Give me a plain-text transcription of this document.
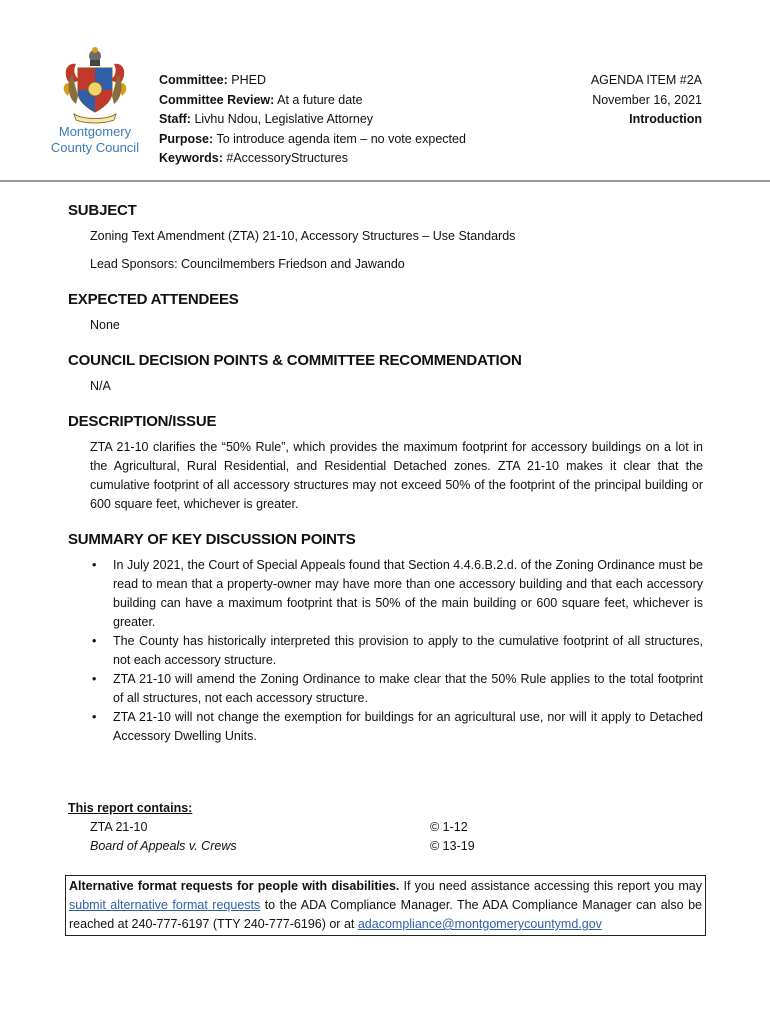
Montgomery
County Council
Committee: PHED
Committee Review: At a future date
Staff: Livhu Ndou, Legislative Attorney
Purpose: To introduce agenda item – no vote expected
Keywords: #AccessoryStructures
AGENDA ITEM #2A
November 16, 2021
Introduction
SUBJECT
Zoning Text Amendment (ZTA) 21-10, Accessory Structures – Use Standards
Lead Sponsors: Councilmembers Friedson and Jawando
EXPECTED ATTENDEES
None
COUNCIL DECISION POINTS & COMMITTEE RECOMMENDATION
N/A
DESCRIPTION/ISSUE
ZTA 21-10 clarifies the “50% Rule”, which provides the maximum footprint for accessory buildings on a lot in the Agricultural, Rural Residential, and Residential Detached zones. ZTA 21-10 makes it clear that the cumulative footprint of all accessory structures may not exceed 50% of the footprint of the principal building or 600 square feet, whichever is greater.
SUMMARY OF KEY DISCUSSION POINTS
• In July 2021, the Court of Special Appeals found that Section 4.4.6.B.2.d. of the Zoning Ordinance must be read to mean that a property-owner may have more than one accessory building and that each accessory building can have a maximum footprint that is 50% of the main building or 600 square feet, whichever is greater.
• The County has historically interpreted this provision to apply to the cumulative footprint of all structures, not each accessory structure.
• ZTA 21-10 will amend the Zoning Ordinance to make clear that the 50% Rule applies to the total footprint of all structures, not each accessory structure.
• ZTA 21-10 will not change the exemption for buildings for an agricultural use, nor will it apply to Detached Accessory Dwelling Units.
This report contains:
ZTA 21-10	© 1-12
Board of Appeals v. Crews	© 13-19
Alternative format requests for people with disabilities. If you need assistance accessing this report you may submit alternative format requests to the ADA Compliance Manager. The ADA Compliance Manager can also be reached at 240-777-6197 (TTY 240-777-6196) or at adacompliance@montgomerycountymd.gov
